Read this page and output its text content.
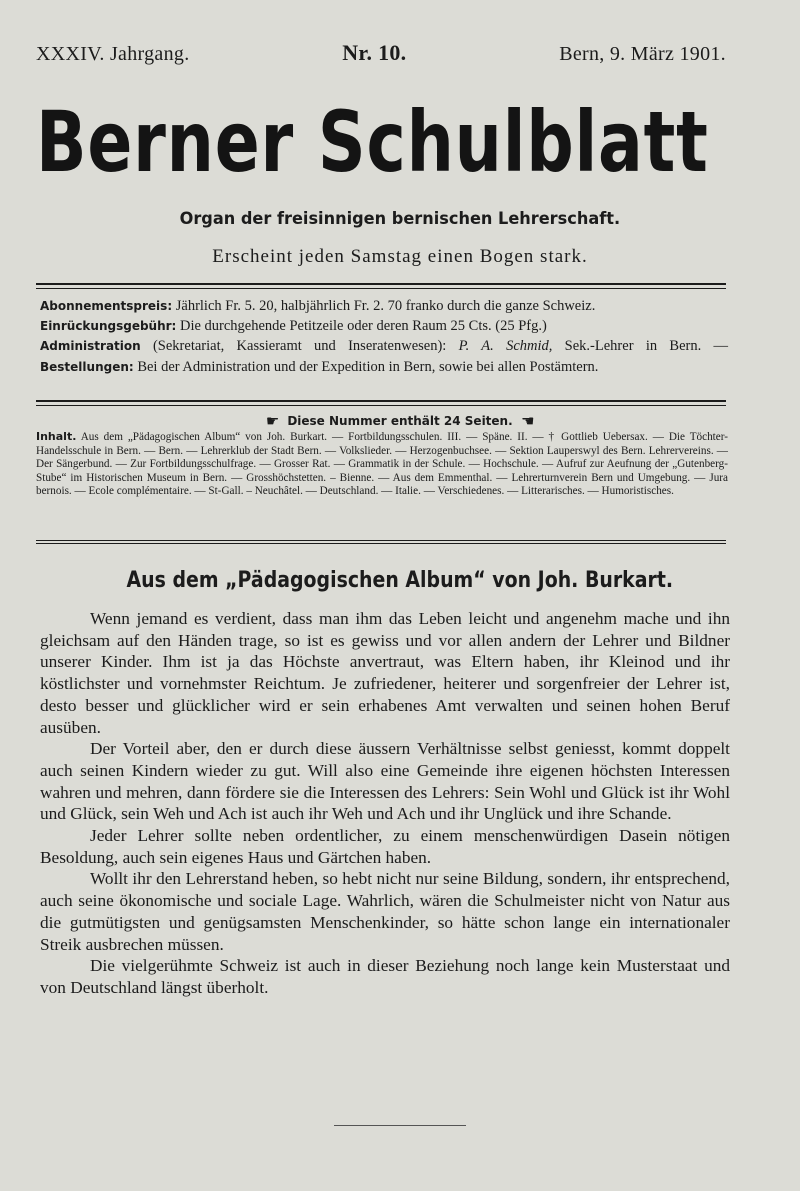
XXXIV. Jahrgang.	Nr. 10.	Bern, 9. März 1901.
Berner Schulblatt
Organ der freisinnigen bernischen Lehrerschaft.
Erscheint jeden Samstag einen Bogen stark.
Abonnementspreis: Jährlich Fr. 5. 20, halbjährlich Fr. 2. 70 franko durch die ganze Schweiz.
Einrückungsgebühr: Die durchgehende Petitzeile oder deren Raum 25 Cts. (25 Pfg.)
Administration (Sekretariat, Kassieramt und Inseratenwesen): P. A. Schmid, Sek.-Lehrer in Bern. — Bestellungen: Bei der Administration und der Expedition in Bern, sowie bei allen Postämtern.
☛ Diese Nummer enthält 24 Seiten. ☛
Inhalt. Aus dem „Pädagogischen Album“ von Joh. Burkart. — Fortbildungsschulen. III. — Späne. II. — † Gottlieb Uebersax. — Die Töchter-Handelsschule in Bern. — Bern. — Lehrerklub der Stadt Bern. — Volkslieder. — Herzogenbuchsee. — Sektion Lauperswyl des Bern. Lehrervereins. — Der Sängerbund. — Zur Fortbildungsschulfrage. — Grosser Rat. — Grammatik in der Schule. — Hochschule. — Aufruf zur Aeufnung der „Gutenberg-Stube“ im Historischen Museum in Bern. — Grosshöchstetten. – Bienne. — Aus dem Emmenthal. — Lehrerturnverein Bern und Umgebung. — Jura bernois. — Ecole complémentaire. — St-Gall. – Neuchâtel. — Deutschland. — Italie. — Verschiedenes. — Litterarisches. — Humoristisches.
Aus dem „Pädagogischen Album“ von Joh. Burkart.

Wenn jemand es verdient, dass man ihm das Leben leicht und angenehm mache und ihn gleichsam auf den Händen trage, so ist es gewiss und vor allen andern der Lehrer und Bildner unserer Kinder. Ihm ist ja das Höchste anvertraut, was Eltern haben, ihr Kleinod und ihr köstlichster und vornehmster Reichtum. Je zufriedener, heiterer und sorgenfreier der Lehrer ist, desto besser und glücklicher wird er sein erhabenes Amt verwalten und seinen hohen Beruf ausüben.

Der Vorteil aber, den er durch diese äussern Verhältnisse selbst geniesst, kommt doppelt auch seinen Kindern wieder zu gut. Will also eine Gemeinde ihre eigenen höchsten Interessen wahren und mehren, dann fördere sie die Interessen des Lehrers: Sein Wohl und Glück ist ihr Wohl und Glück, sein Weh und Ach ist auch ihr Weh und Ach und ihr Unglück und ihre Schande.

Jeder Lehrer sollte neben ordentlicher, zu einem menschenwürdigen Dasein nötigen Besoldung, auch sein eigenes Haus und Gärtchen haben.

Wollt ihr den Lehrerstand heben, so hebt nicht nur seine Bildung, sondern, ihr entsprechend, auch seine ökonomische und sociale Lage. Wahrlich, wären die Schulmeister nicht von Natur aus die gutmütigsten und genügsamsten Menschenkinder, so hätte schon lange ein internationaler Streik ausbrechen müssen.

Die vielgerühmte Schweiz ist auch in dieser Beziehung noch lange kein Musterstaat und von Deutschland längst überholt.
